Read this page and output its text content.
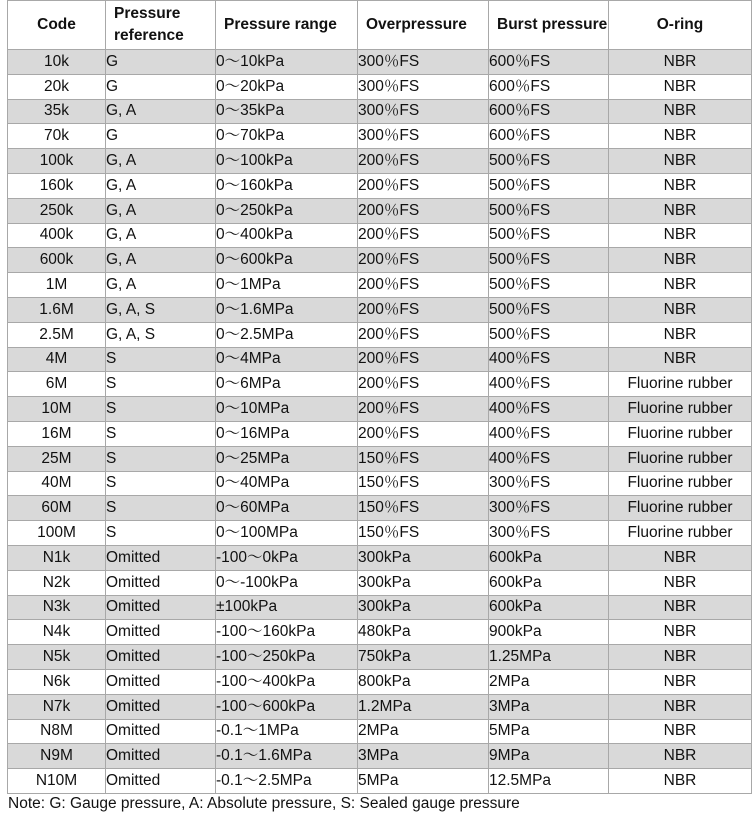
Code	Pressure reference	Pressure range	Overpressure	Burst pressure	O-ring
10k	G	0～10kPa	300％FS	600％FS	NBR
20k	G	0～20kPa	300％FS	600％FS	NBR
35k	G, A	0～35kPa	300％FS	600％FS	NBR
70k	G	0～70kPa	300％FS	600％FS	NBR
100k	G, A	0～100kPa	200％FS	500％FS	NBR
160k	G, A	0～160kPa	200％FS	500％FS	NBR
250k	G, A	0～250kPa	200％FS	500％FS	NBR
400k	G, A	0～400kPa	200％FS	500％FS	NBR
600k	G, A	0～600kPa	200％FS	500％FS	NBR
1M	G, A	0～1MPa	200％FS	500％FS	NBR
1.6M	G, A, S	0～1.6MPa	200％FS	500％FS	NBR
2.5M	G, A, S	0～2.5MPa	200％FS	500％FS	NBR
4M	S	0～4MPa	200％FS	400％FS	NBR
6M	S	0～6MPa	200％FS	400％FS	Fluorine rubber
10M	S	0～10MPa	200％FS	400％FS	Fluorine rubber
16M	S	0～16MPa	200％FS	400％FS	Fluorine rubber
25M	S	0～25MPa	150％FS	400％FS	Fluorine rubber
40M	S	0～40MPa	150％FS	300％FS	Fluorine rubber
60M	S	0～60MPa	150％FS	300％FS	Fluorine rubber
100M	S	0～100MPa	150％FS	300％FS	Fluorine rubber
N1k	Omitted	-100～0kPa	300kPa	600kPa	NBR
N2k	Omitted	0～-100kPa	300kPa	600kPa	NBR
N3k	Omitted	±100kPa	300kPa	600kPa	NBR
N4k	Omitted	-100～160kPa	480kPa	900kPa	NBR
N5k	Omitted	-100～250kPa	750kPa	1.25MPa	NBR
N6k	Omitted	-100～400kPa	800kPa	2MPa	NBR
N7k	Omitted	-100～600kPa	1.2MPa	3MPa	NBR
N8M	Omitted	-0.1～1MPa	2MPa	5MPa	NBR
N9M	Omitted	-0.1～1.6MPa	3MPa	9MPa	NBR
N10M	Omitted	-0.1～2.5MPa	5MPa	12.5MPa	NBR
Note: G: Gauge pressure, A: Absolute pressure, S: Sealed gauge pressure
